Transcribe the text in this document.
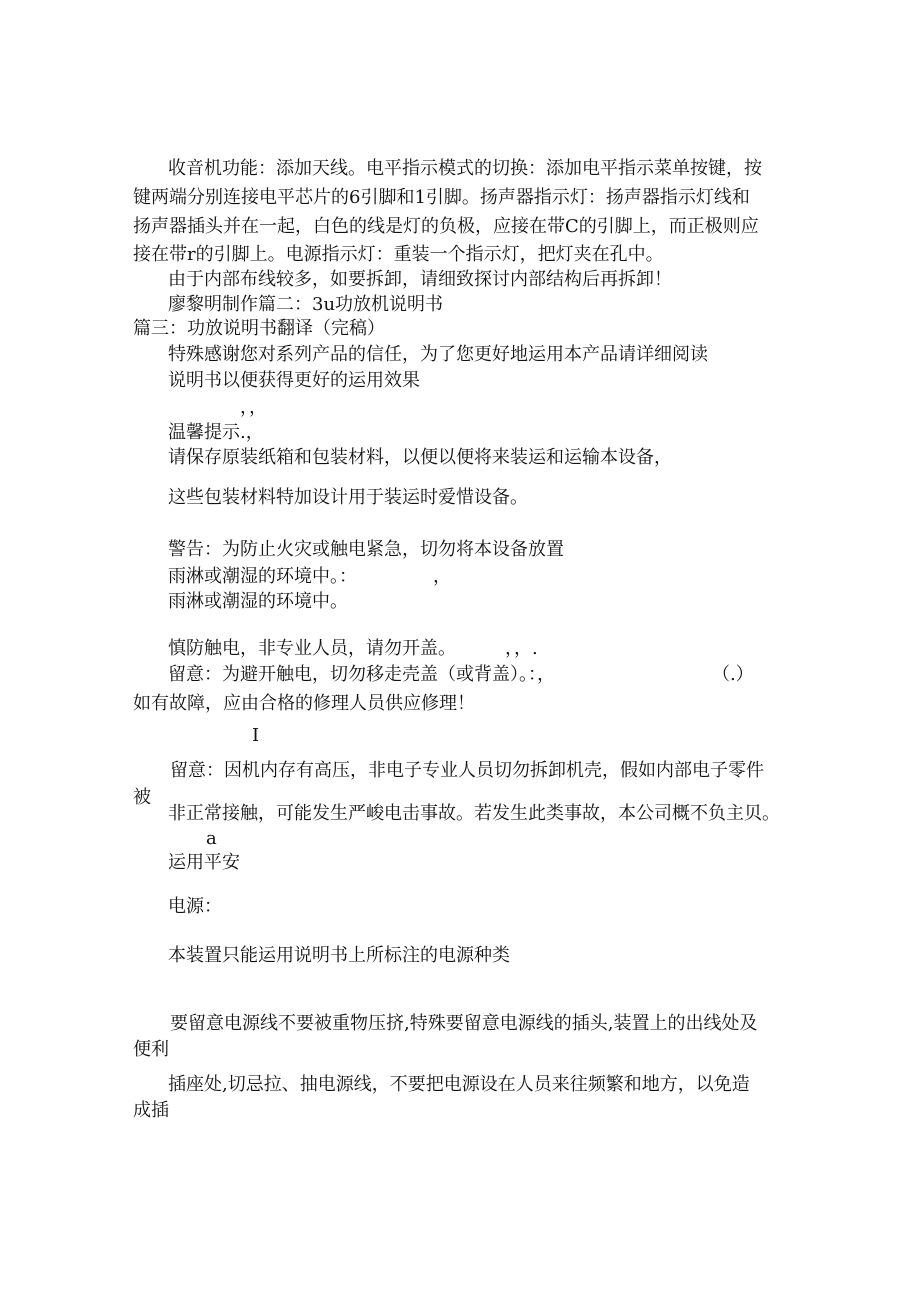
收音机功能：添加天线。电平指示模式的切换：添加电平指示菜单按键，按

键两端分别连接电平芯片的6引脚和1引脚。扬声器指示灯：扬声器指示灯线和

扬声器插头并在一起，白色的线是灯的负极，应接在带C的引脚上，而正极则应

接在带r的引脚上。电源指示灯：重装一个指示灯，把灯夹在孔中。

由于内部布线较多，如要拆卸，请细致探讨内部结构后再拆卸！

廖黎明制作篇二：3u功放机说明书

篇三：功放说明书翻译（完稿）

特殊感谢您对系列产品的信任，为了您更好地运用本产品请详细阅读

说明书以便获得更好的运用效果

，，

温馨提示.，

请保存原装纸箱和包装材料，以便以便将来装运和运输本设备，

这些包装材料特加设计用于装运时爱惜设备。

警告：为防止火灾或触电紧急，切勿将本设备放置

雨淋或潮湿的环境中。：	，

雨淋或潮湿的环境中。

慎防触电，非专业人员，请勿开盖。	，，.

留意：为避开触电，切勿移走壳盖（或背盖）。：，	（.）

如有故障，应由合格的修理人员供应修理！

I

留意：因机内存有高压，非电子专业人员切勿拆卸机壳，假如内部电子零件

被

非正常接触，可能发生严峻电击事故。若发生此类事故，本公司概不负主贝。

a

运用平安

电源：

本装置只能运用说明书上所标注的电源种类

要留意电源线不要被重物压挤,特殊要留意电源线的插头,装置上的出线处及

便利

插座处,切忌拉、抽电源线，不要把电源设在人员来往频繁和地方，以免造

成插
